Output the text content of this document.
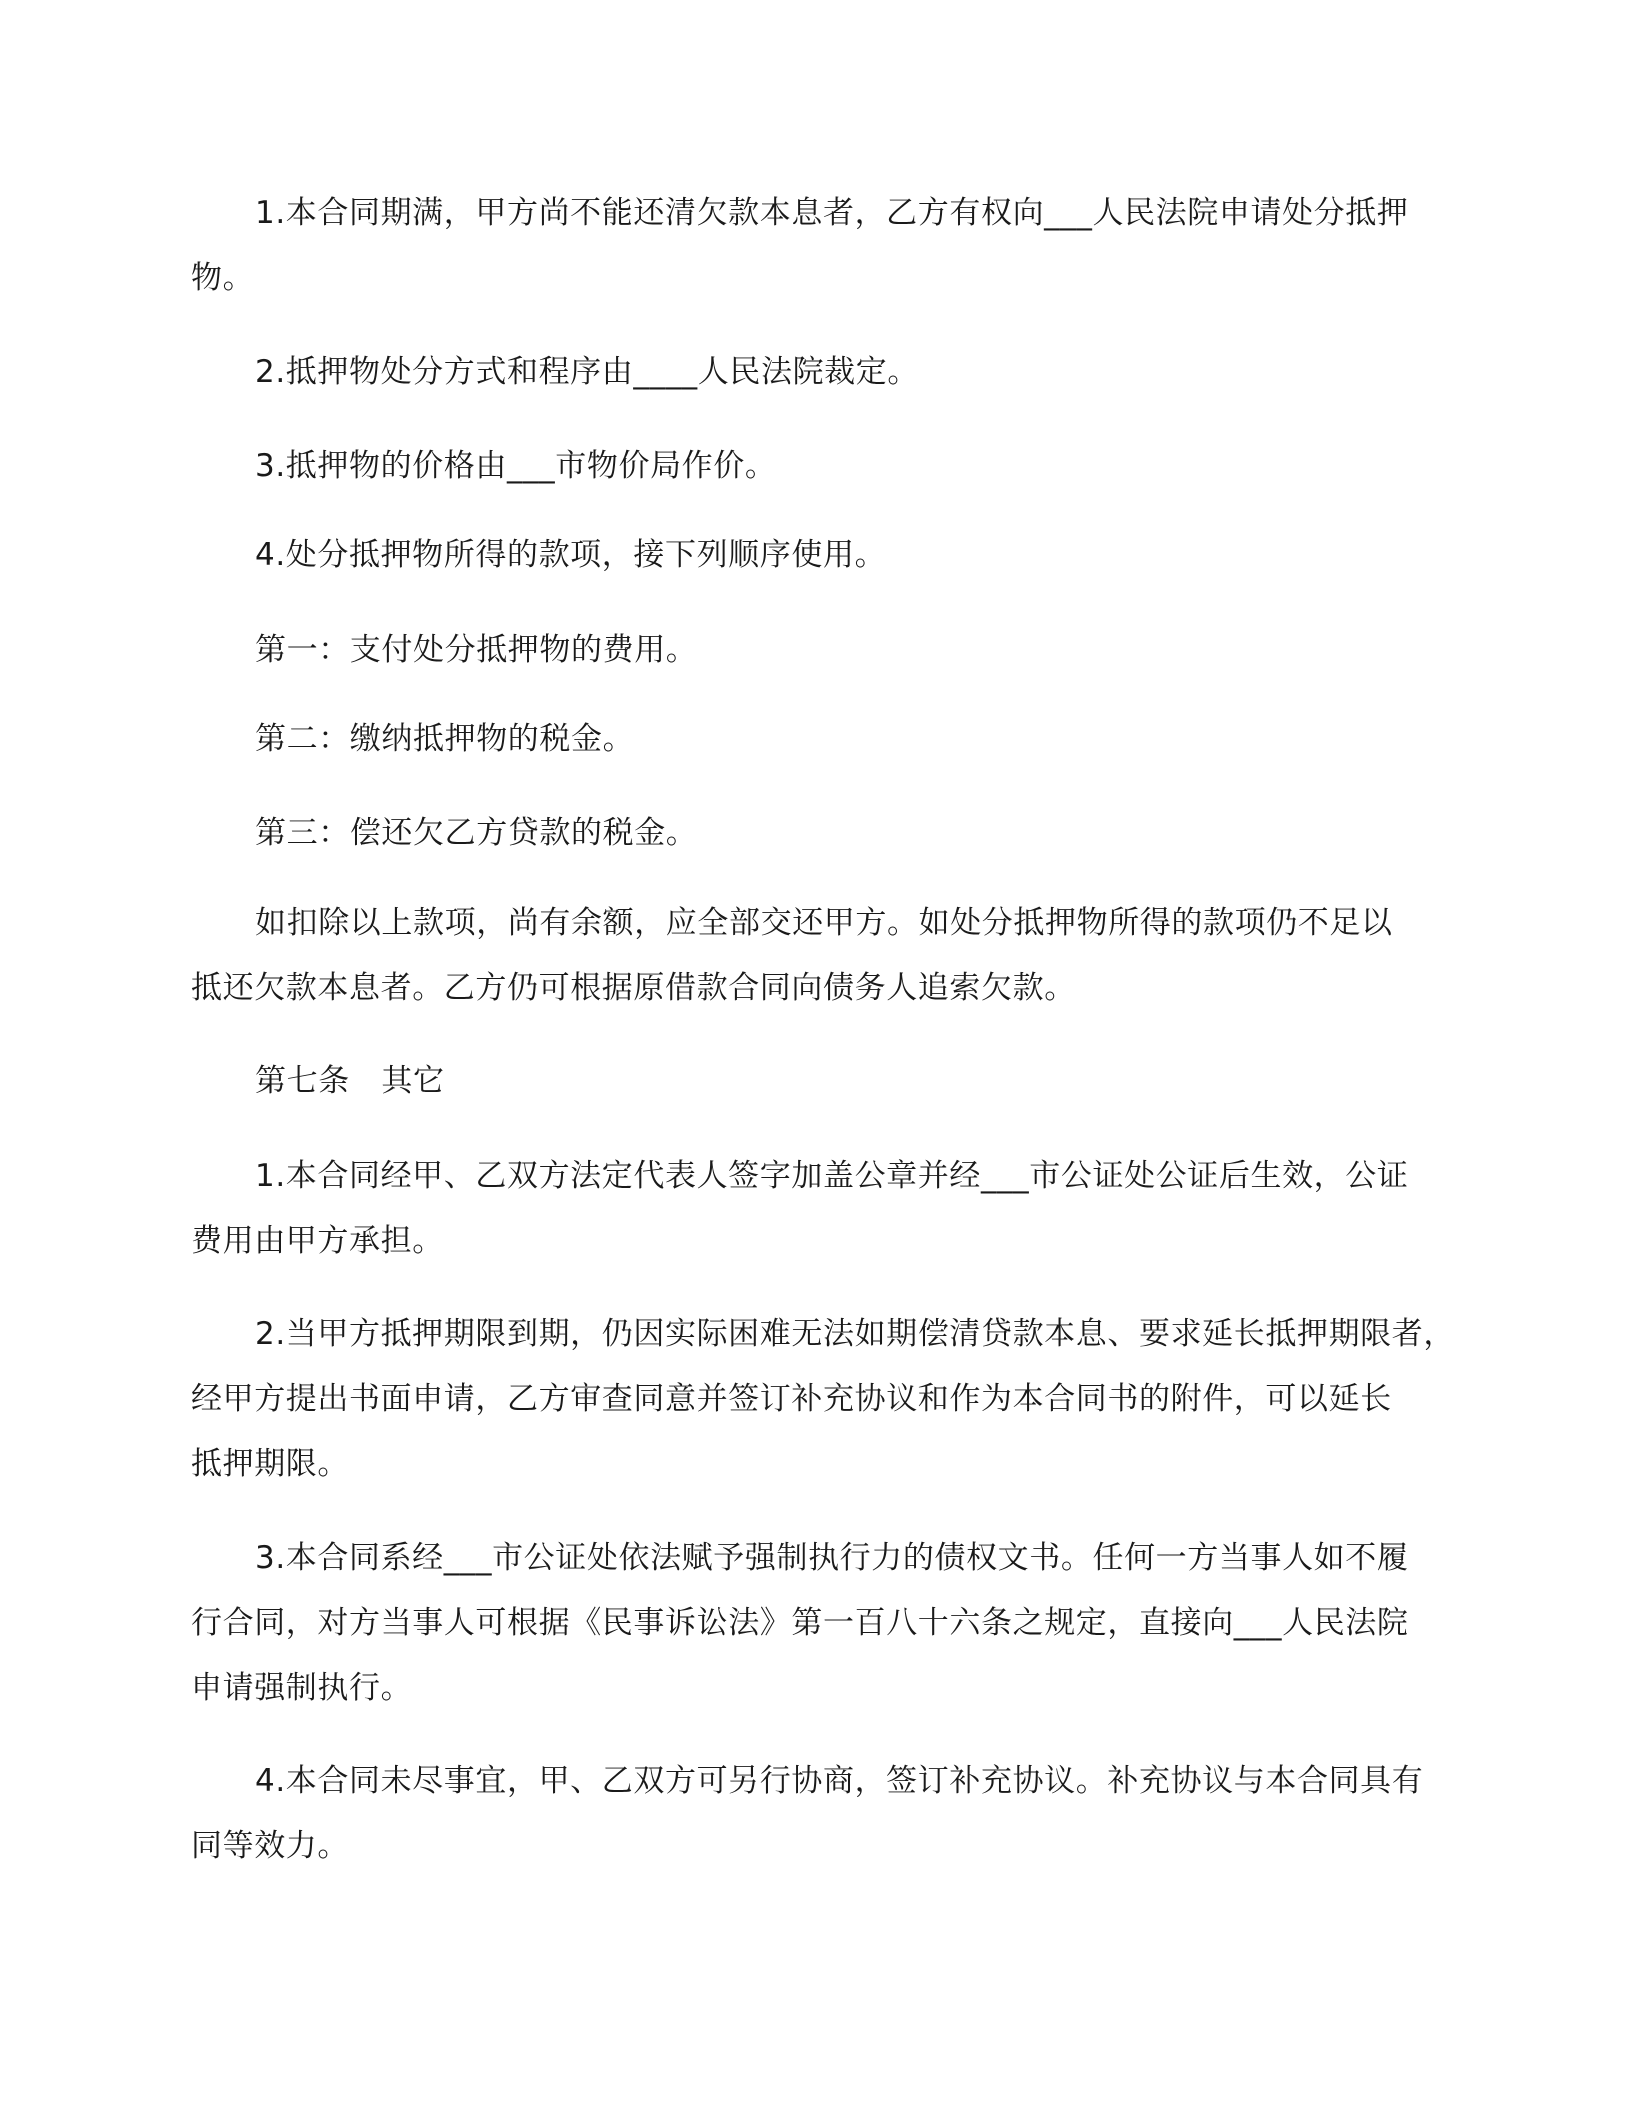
1.本合同期满，甲方尚不能还清欠款本息者，乙方有权向___人民法院申请处分抵押
物。
2.抵押物处分方式和程序由____人民法院裁定。
3.抵押物的价格由___市物价局作价。
4.处分抵押物所得的款项，接下列顺序使用。
第一：支付处分抵押物的费用。
第二：缴纳抵押物的税金。
第三：偿还欠乙方贷款的税金。
如扣除以上款项，尚有余额，应全部交还甲方。如处分抵押物所得的款项仍不足以
抵还欠款本息者。乙方仍可根据原借款合同向债务人追索欠款。
第七条　其它
1.本合同经甲、乙双方法定代表人签字加盖公章并经___市公证处公证后生效，公证
费用由甲方承担。
2.当甲方抵押期限到期，仍因实际困难无法如期偿清贷款本息、要求延长抵押期限者，
经甲方提出书面申请，乙方审查同意并签订补充协议和作为本合同书的附件，可以延长
抵押期限。
3.本合同系经___市公证处依法赋予强制执行力的债权文书。任何一方当事人如不履
行合同，对方当事人可根据《民事诉讼法》第一百八十六条之规定，直接向___人民法院
申请强制执行。
4.本合同未尽事宜，甲、乙双方可另行协商，签订补充协议。补充协议与本合同具有
同等效力。
